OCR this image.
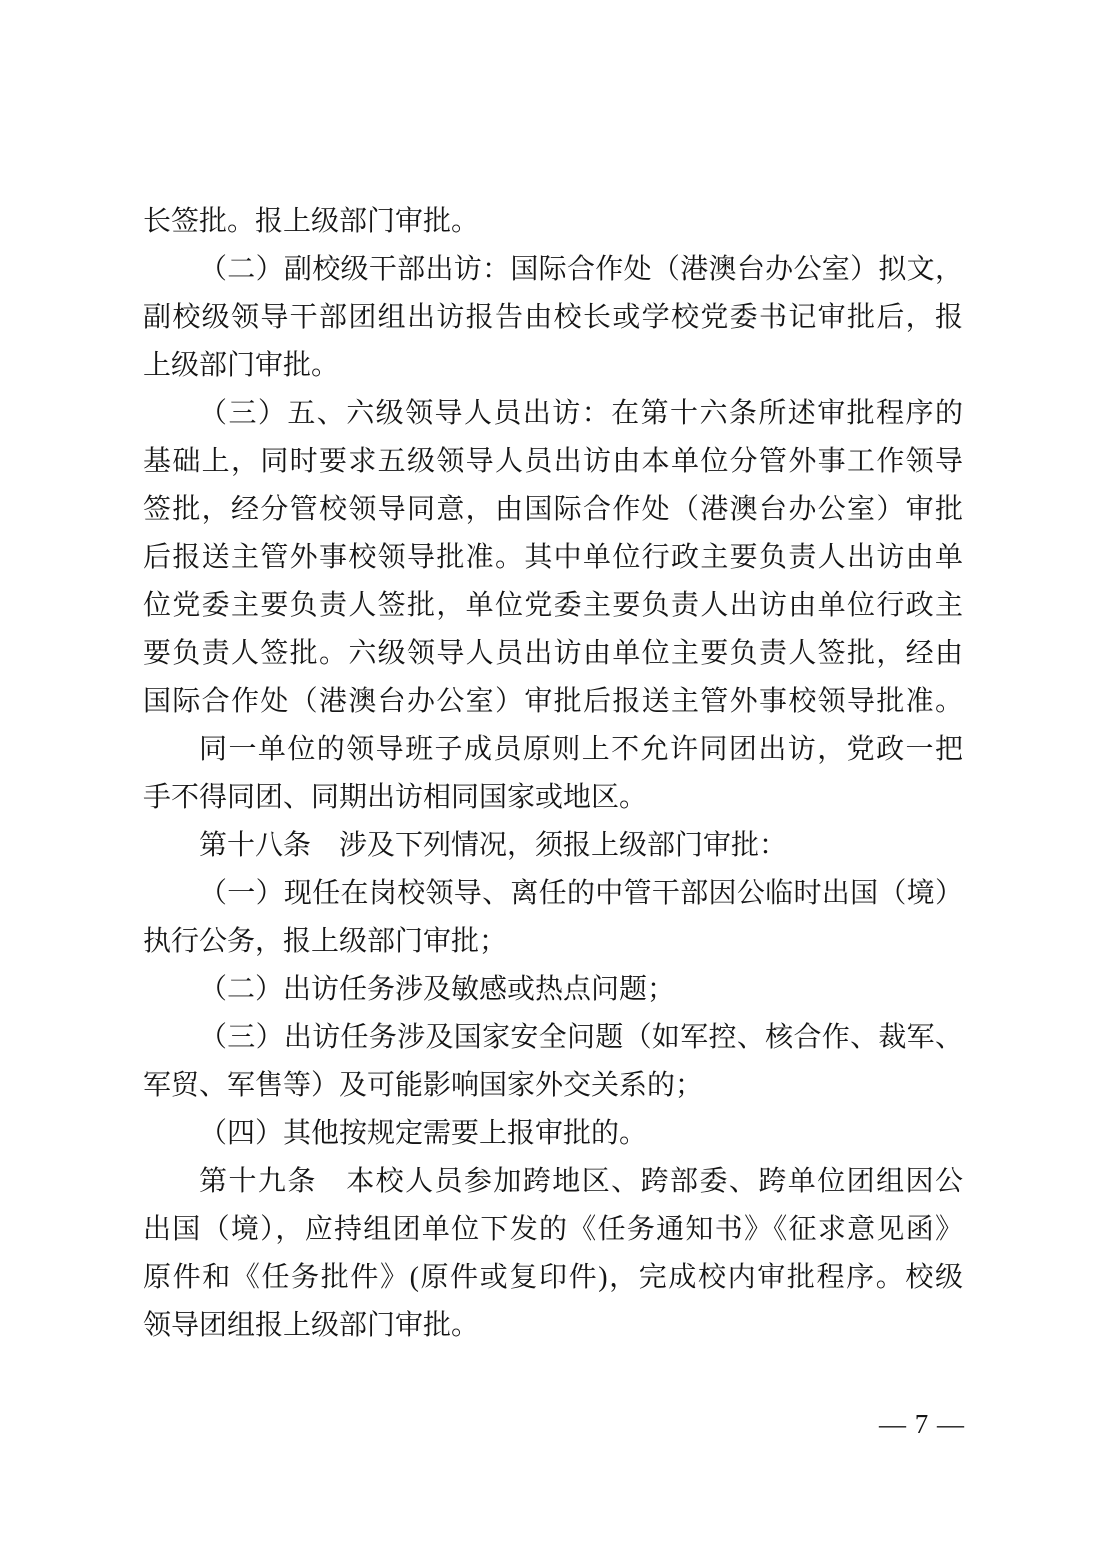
长签批。报上级部门审批。
（二）副校级干部出访：国际合作处（港澳台办公室）拟文，
副校级领导干部团组出访报告由校长或学校党委书记审批后，报
上级部门审批。
（三）五、六级领导人员出访：在第十六条所述审批程序的
基础上，同时要求五级领导人员出访由本单位分管外事工作领导
签批，经分管校领导同意，由国际合作处（港澳台办公室）审批
后报送主管外事校领导批准。其中单位行政主要负责人出访由单
位党委主要负责人签批，单位党委主要负责人出访由单位行政主
要负责人签批。六级领导人员出访由单位主要负责人签批，经由
国际合作处（港澳台办公室）审批后报送主管外事校领导批准。
同一单位的领导班子成员原则上不允许同团出访，党政一把
手不得同团、同期出访相同国家或地区。
第十八条　涉及下列情况，须报上级部门审批：
（一）现任在岗校领导、离任的中管干部因公临时出国（境）
执行公务，报上级部门审批；
（二）出访任务涉及敏感或热点问题；
（三）出访任务涉及国家安全问题（如军控、核合作、裁军、
军贸、军售等）及可能影响国家外交关系的；
（四）其他按规定需要上报审批的。
第十九条　本校人员参加跨地区、跨部委、跨单位团组因公
出国（境），应持组团单位下发的《任务通知书》《征求意见函》
原件和《任务批件》(原件或复印件)，完成校内审批程序。校级
领导团组报上级部门审批。
— 7 —
